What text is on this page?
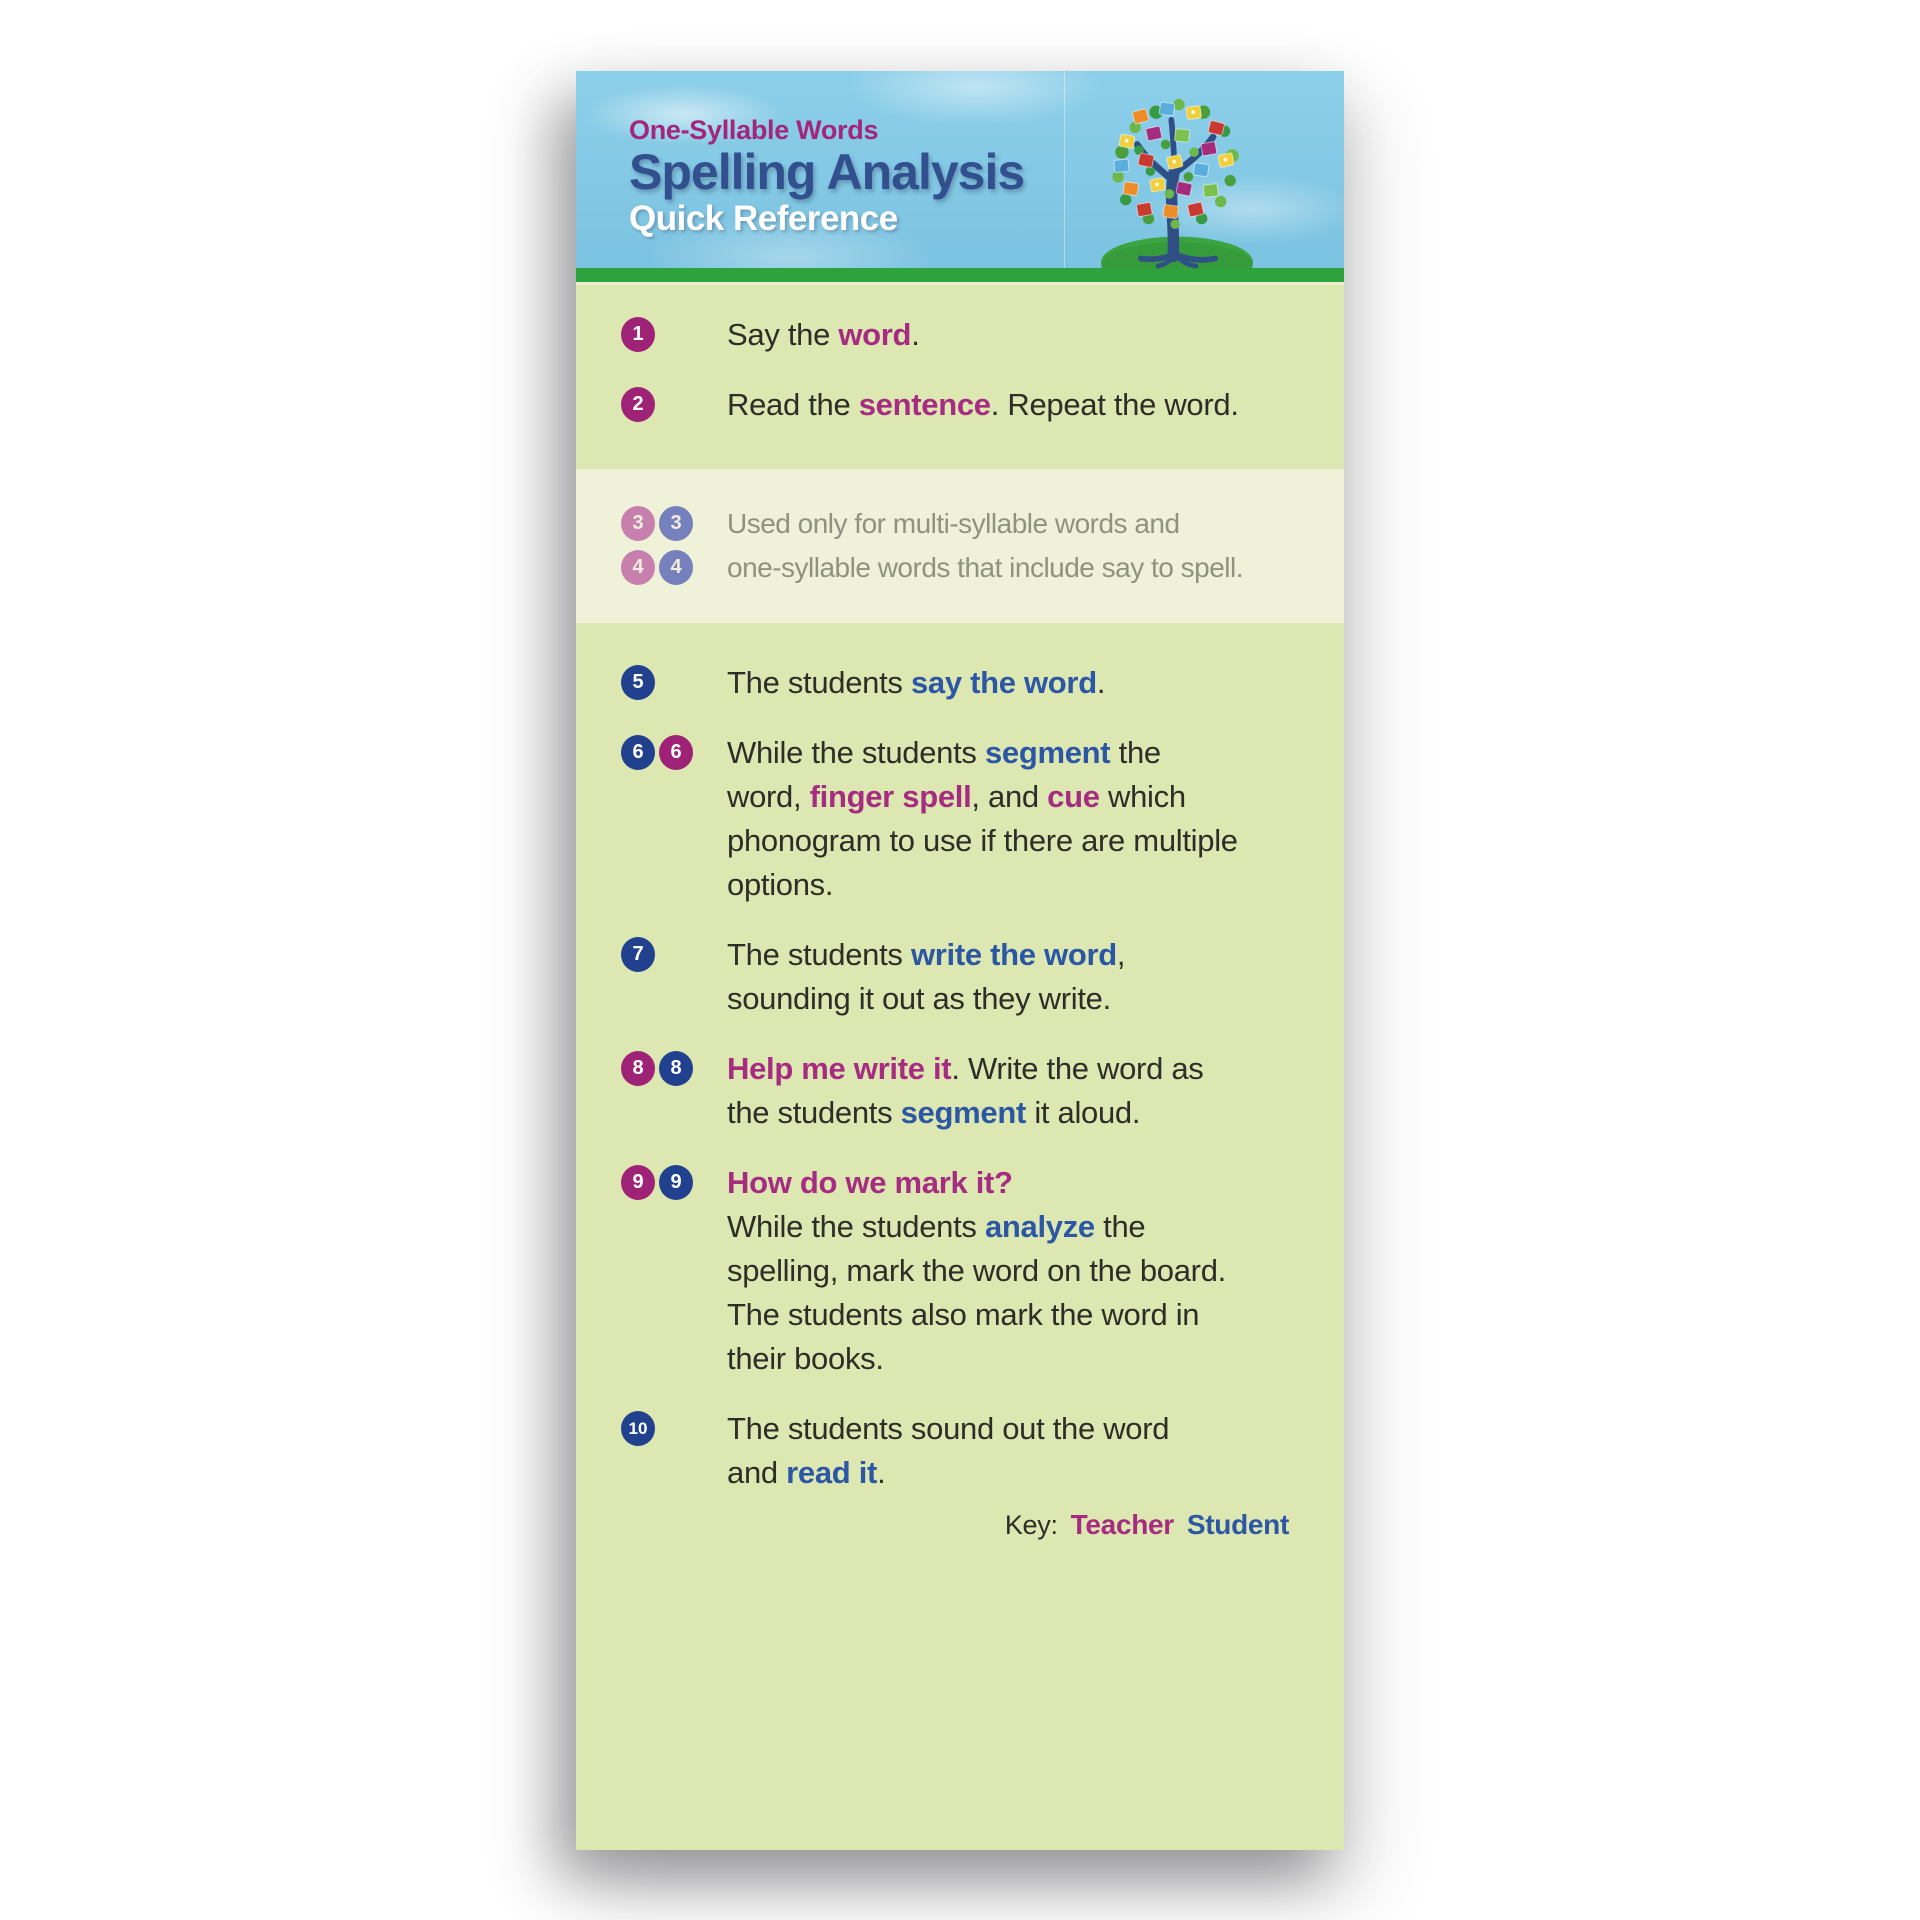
One-Syllable Words
Spelling Analysis
Quick Reference
1	Say the word.
2	Read the sentence. Repeat the word.
3	3
4	4
Used only for multi-syllable words and
one-syllable words that include say to spell.
5	The students say the word.
6	6	While the students segment the
word, finger spell, and cue which
phonogram to use if there are multiple
options.
7	The students write the word,
sounding it out as they write.
8	8	Help me write it. Write the word as
the students segment it aloud.
9	9	How do we mark it?
While the students analyze the
spelling, mark the word on the board.
The students also mark the word in
their books.
10	The students sound out the word
and read it.
Key: Teacher Student
